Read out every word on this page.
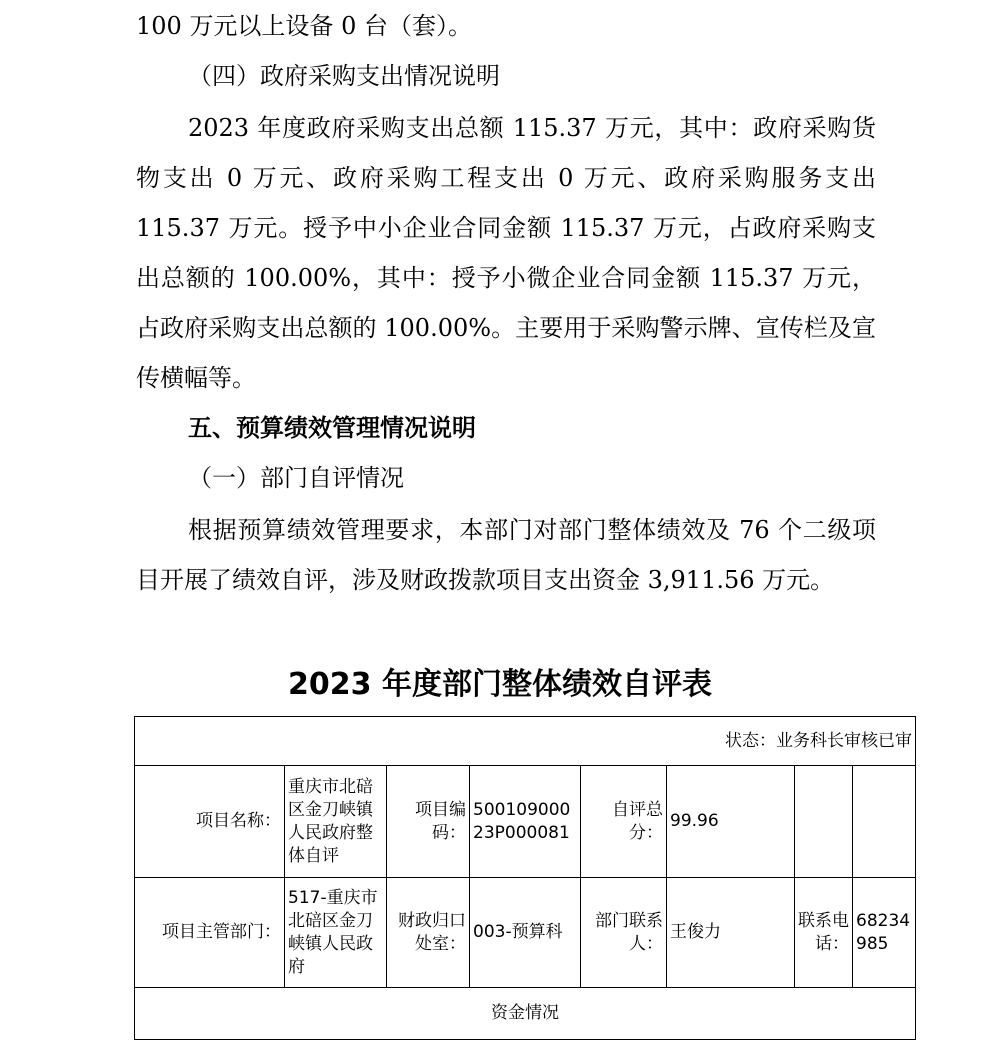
100 万元以上设备 0 台（套）。
（四）政府采购支出情况说明
2023 年度政府采购支出总额 115.37 万元，其中：政府采购货物支出 0 万元、政府采购工程支出 0 万元、政府采购服务支出 115.37 万元。授予中小企业合同金额 115.37 万元，占政府采购支出总额的 100.00%，其中：授予小微企业合同金额 115.37 万元，占政府采购支出总额的 100.00%。主要用于采购警示牌、宣传栏及宣传横幅等。
五、预算绩效管理情况说明
（一）部门自评情况
根据预算绩效管理要求，本部门对部门整体绩效及 76 个二级项目开展了绩效自评，涉及财政拨款项目支出资金 3,911.56 万元。
2023 年度部门整体绩效自评表
状态：业务科长审核已审							
项目名称：	重庆市北碚区金刀峡镇人民政府整体自评	项目编码：	50010900023P000081	自评总分：	99.96		
项目主管部门：	517-重庆市北碚区金刀峡镇人民政府	财政归口处室：	003-预算科	部门联系人：	王俊力	联系电话：	68234985
资金情况							
